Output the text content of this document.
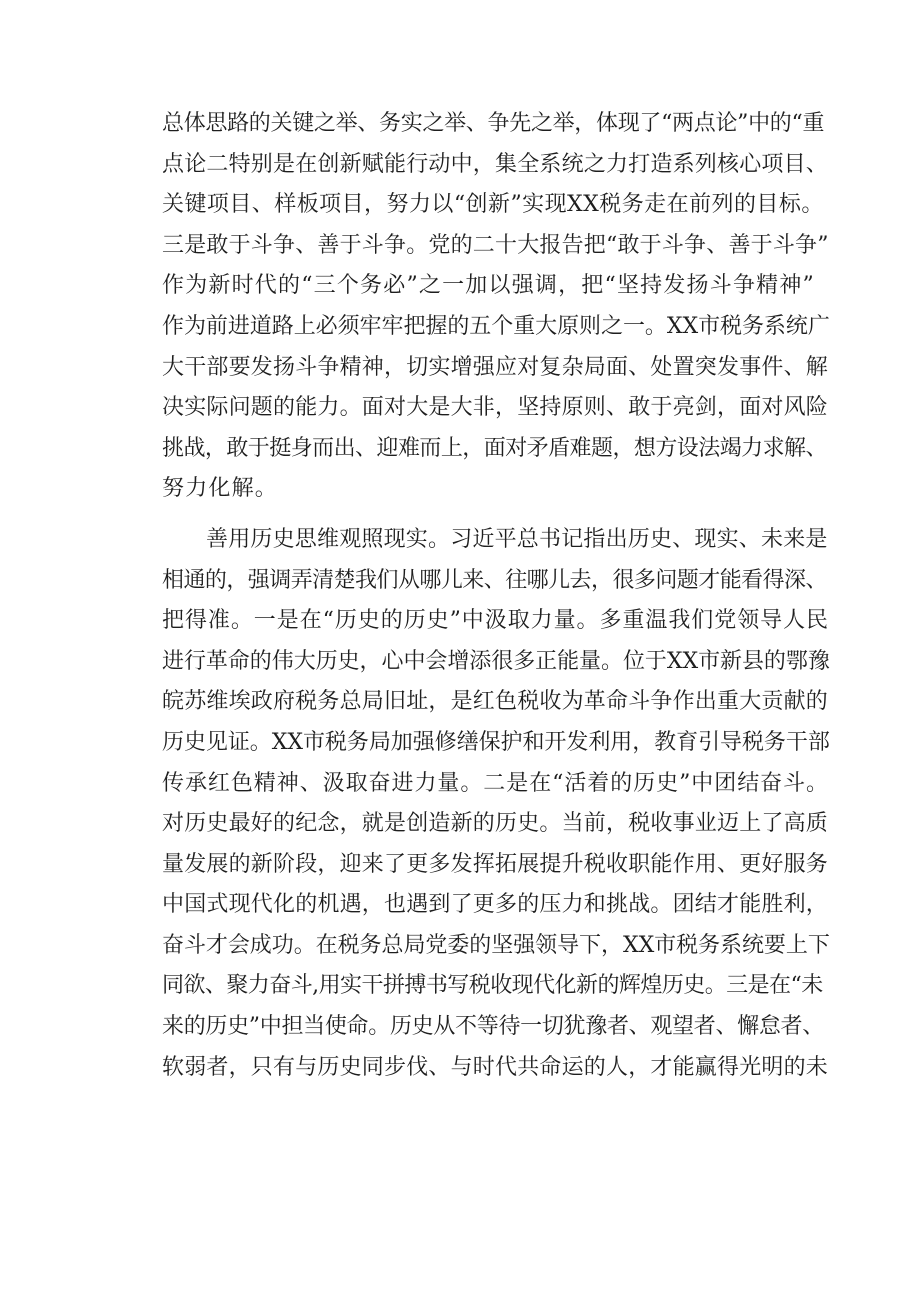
总体思路的关键之举、务实之举、争先之举，体现了“两点论”中的“重
点论二特别是在创新赋能行动中，集全系统之力打造系列核心项目、
关键项目、样板项目，努力以“创新”实现XX税务走在前列的目标。
三是敢于斗争、善于斗争。党的二十大报告把“敢于斗争、善于斗争”
作为新时代的“三个务必”之一加以强调，把“坚持发扬斗争精神”
作为前进道路上必须牢牢把握的五个重大原则之一。XX市税务系统广
大干部要发扬斗争精神，切实增强应对复杂局面、处置突发事件、解
决实际问题的能力。面对大是大非，坚持原则、敢于亮剑，面对风险
挑战，敢于挺身而出、迎难而上，面对矛盾难题，想方设法竭力求解、
努力化解。
善用历史思维观照现实。习近平总书记指出历史、现实、未来是
相通的，强调弄清楚我们从哪儿来、往哪儿去，很多问题才能看得深、
把得准。一是在“历史的历史”中汲取力量。多重温我们党领导人民
进行革命的伟大历史，心中会增添很多正能量。位于XX市新县的鄂豫
皖苏维埃政府税务总局旧址，是红色税收为革命斗争作出重大贡献的
历史见证。XX市税务局加强修缮保护和开发利用，教育引导税务干部
传承红色精神、汲取奋进力量。二是在“活着的历史”中团结奋斗。
对历史最好的纪念，就是创造新的历史。当前，税收事业迈上了高质
量发展的新阶段，迎来了更多发挥拓展提升税收职能作用、更好服务
中国式现代化的机遇，也遇到了更多的压力和挑战。团结才能胜利，
奋斗才会成功。在税务总局党委的坚强领导下，XX市税务系统要上下
同欲、聚力奋斗,用实干拼搏书写税收现代化新的辉煌历史。三是在“未
来的历史”中担当使命。历史从不等待一切犹豫者、观望者、懈怠者、
软弱者，只有与历史同步伐、与时代共命运的人，才能赢得光明的未
